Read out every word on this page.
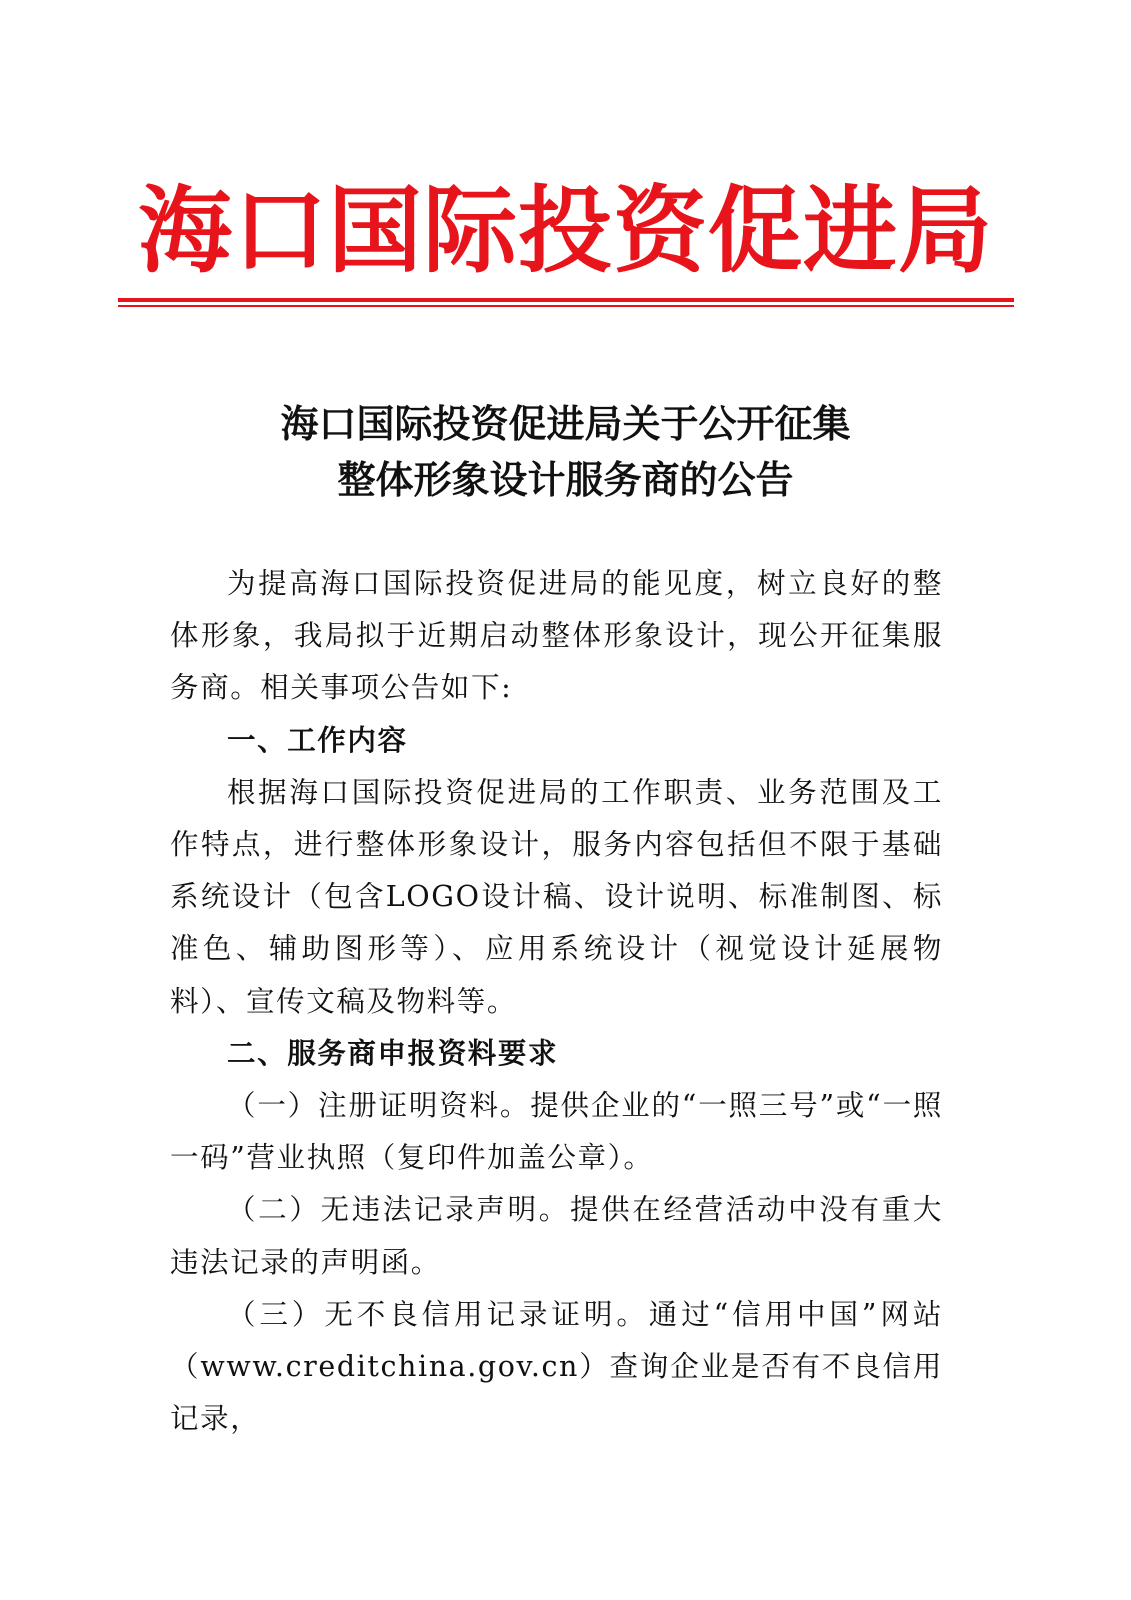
海口国际投资促进局
海口国际投资促进局关于公开征集
整体形象设计服务商的公告

为提高海口国际投资促进局的能见度，树立良好的整体形象，我局拟于近期启动整体形象设计，现公开征集服务商。相关事项公告如下:

一、工作内容

根据海口国际投资促进局的工作职责、业务范围及工作特点，进行整体形象设计，服务内容包括但不限于基础系统设计（包含LOGO设计稿、设计说明、标准制图、标准色、辅助图形等）、应用系统设计（视觉设计延展物料）、宣传文稿及物料等。

二、服务商申报资料要求

（一）注册证明资料。提供企业的“一照三号”或“一照一码”营业执照（复印件加盖公章）。

（二）无违法记录声明。提供在经营活动中没有重大违法记录的声明函。

（三）无不良信用记录证明。通过“信用中国”网站（www.creditchina.gov.cn）查询企业是否有不良信用记录，
